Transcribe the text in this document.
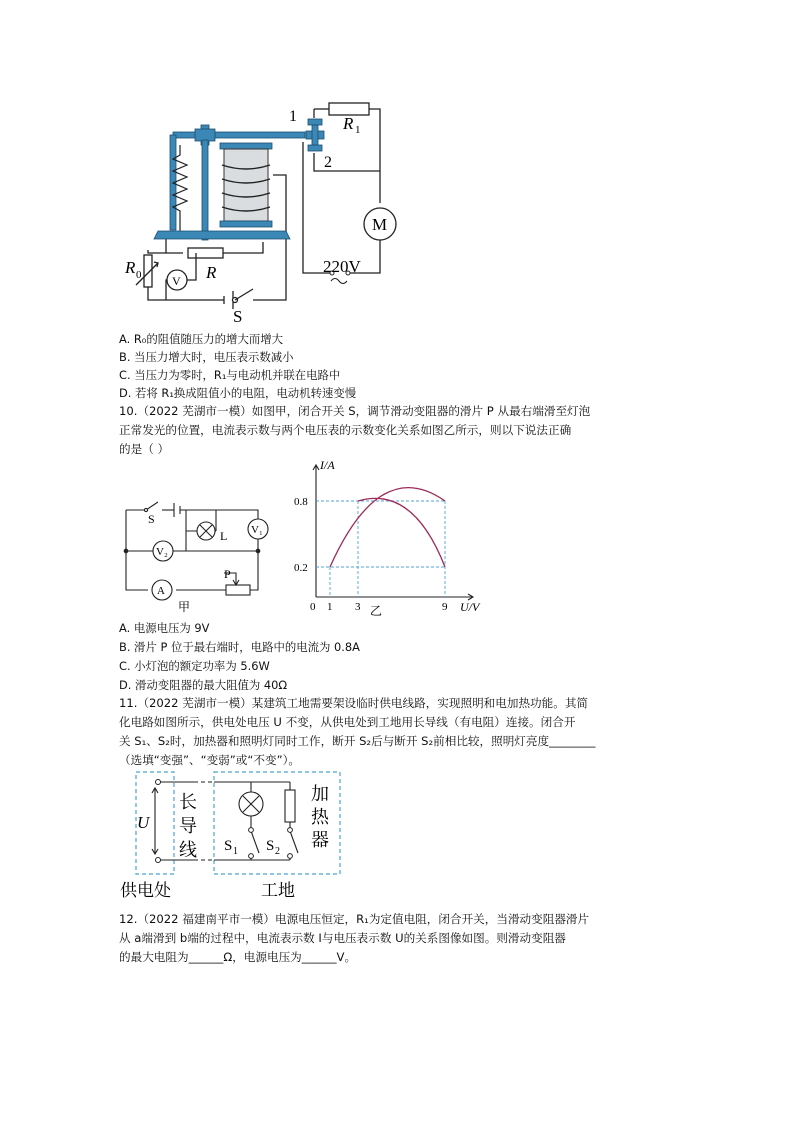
1
2
R 1
M
220V
R 0	V R
S
A. R₀的阻值随压力的增大而增大
B. 当压力增大时，电压表示数减小
C. 当压力为零时，R₁与电动机并联在电路中
D. 若将 R₁换成阻值小的电阻，电动机转速变慢

10.（2022 芜湖市一模）如图甲，闭合开关 S，调节滑动变阻器的滑片 P 从最右端滑至灯泡

正常发光的位置，电流表示数与两个电压表的示数变化关系如图乙所示，则以下说法正确

的是（ ）

S
L V₁
V₂
A
P
甲
I/A
U/V
0.8
0.2
0 1 3	9
乙
A. 电源电压为 9V
B. 滑片 P 位于最右端时，电路中的电流为 0.8A
C. 小灯泡的额定功率为 5.6W
D. 滑动变阻器的最大阻值为 40Ω

11.（2022 芜湖市一模）某建筑工地需要架设临时供电线路，实现照明和电加热功能。其简

化电路如图所示，供电处电压 U 不变，从供电处到工地用长导线（有电阻）连接。闭合开

关 S₁、S₂时，加热器和照明灯同时工作，断开 S₂后与断开 S₂前相比较，照明灯亮度________

（选填“变强”、“变弱”或“不变”）。

U
长
导
线
加
热
器
S 1 S 2
供电处	工地

12.（2022 福建南平市一模）电源电压恒定，R₁为定值电阻，闭合开关，当滑动变阻器滑片

从 a端滑到 b端的过程中，电流表示数 I与电压表示数 U的关系图像如图。则滑动变阻器

的最大电阻为______Ω，电源电压为______V。
